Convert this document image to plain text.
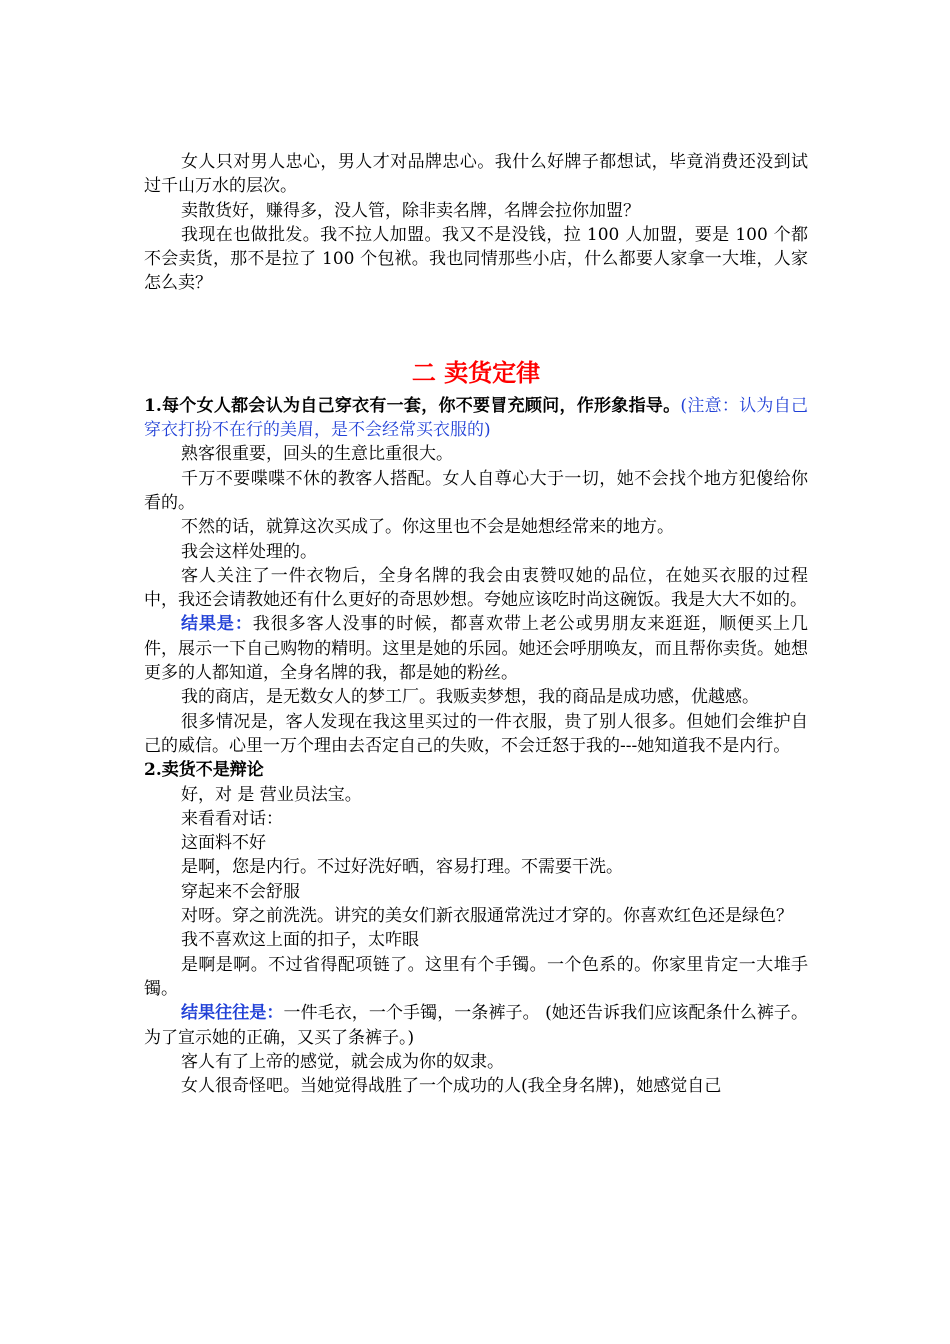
女人只对男人忠心，男人才对品牌忠心。我什么好牌子都想试，毕竟消费还没到试过千山万水的层次。

卖散货好，赚得多，没人管，除非卖名牌，名牌会拉你加盟？

我现在也做批发。我不拉人加盟。我又不是没钱，拉 100 人加盟，要是 100 个都不会卖货，那不是拉了 100 个包袱。我也同情那些小店，什么都要人家拿一大堆，人家怎么卖？

二 卖货定律

1.每个女人都会认为自己穿衣有一套，你不要冒充顾问，作形象指导。(注意：认为自己穿衣打扮不在行的美眉，是不会经常买衣服的)

熟客很重要，回头的生意比重很大。

千万不要喋喋不休的教客人搭配。女人自尊心大于一切，她不会找个地方犯傻给你看的。

不然的话，就算这次买成了。你这里也不会是她想经常来的地方。

我会这样处理的。

客人关注了一件衣物后，全身名牌的我会由衷赞叹她的品位，在她买衣服的过程中，我还会请教她还有什么更好的奇思妙想。夸她应该吃时尚这碗饭。我是大大不如的。

结果是：我很多客人没事的时候，都喜欢带上老公或男朋友来逛逛，顺便买上几件，展示一下自己购物的精明。这里是她的乐园。她还会呼朋唤友，而且帮你卖货。她想更多的人都知道，全身名牌的我，都是她的粉丝。

我的商店，是无数女人的梦工厂。我贩卖梦想，我的商品是成功感，优越感。

很多情况是，客人发现在我这里买过的一件衣服，贵了别人很多。但她们会维护自己的威信。心里一万个理由去否定自己的失败，不会迁怒于我的---她知道我不是内行。

2.卖货不是辩论

好，对 是 营业员法宝。

来看看对话：

这面料不好

是啊，您是内行。不过好洗好晒，容易打理。不需要干洗。

穿起来不会舒服

对呀。穿之前洗洗。讲究的美女们新衣服通常洗过才穿的。你喜欢红色还是绿色？

我不喜欢这上面的扣子，太咋眼

是啊是啊。不过省得配项链了。这里有个手镯。一个色系的。你家里肯定一大堆手镯。

结果往往是：一件毛衣，一个手镯，一条裤子。 (她还告诉我们应该配条什么裤子。为了宣示她的正确，又买了条裤子。)

客人有了上帝的感觉，就会成为你的奴隶。

女人很奇怪吧。当她觉得战胜了一个成功的人(我全身名牌)，她感觉自己
